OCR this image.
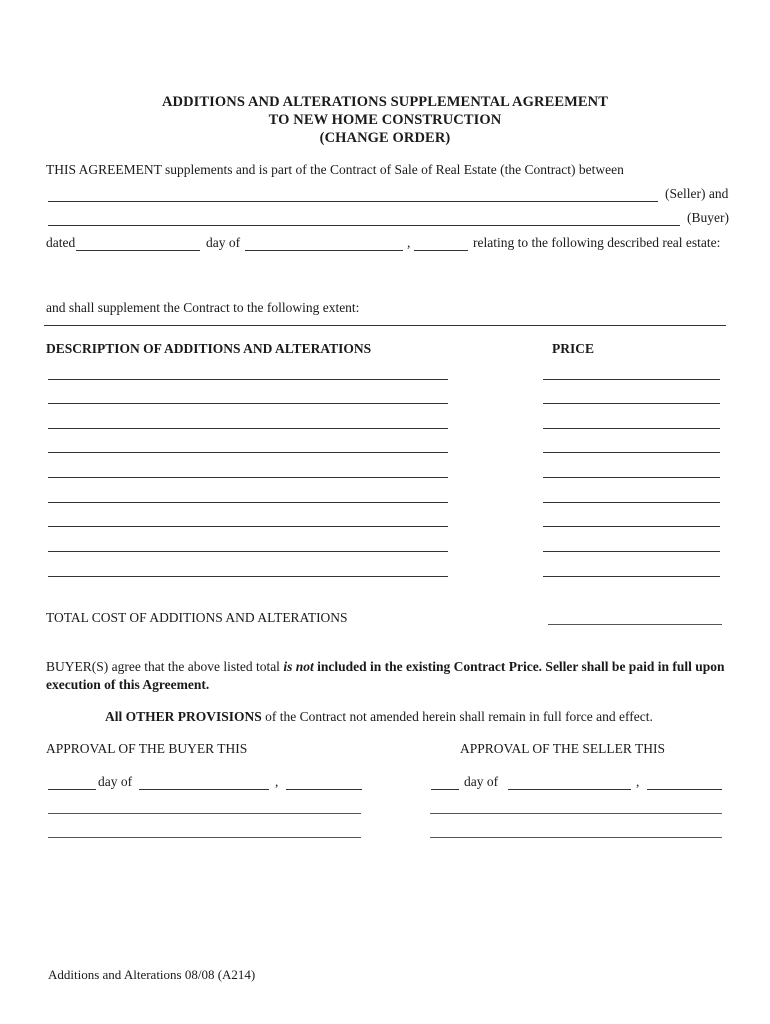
ADDITIONS AND ALTERATIONS SUPPLEMENTAL AGREEMENT
TO NEW HOME CONSTRUCTION
(CHANGE ORDER)
THIS AGREEMENT supplements and is part of the Contract of Sale of Real Estate (the Contract) between
(Seller) and
(Buyer)
dated	day of	,	relating to the following described real estate:
and shall supplement the Contract to the following extent:
DESCRIPTION OF ADDITIONS AND ALTERATIONS	PRICE
TOTAL COST OF ADDITIONS AND ALTERATIONS
BUYER(S) agree that the above listed total is not included in the existing Contract Price. Seller shall be paid in full upon
execution of this Agreement.
All OTHER PROVISIONS of the Contract not amended herein shall remain in full force and effect.
APPROVAL OF THE BUYER THIS	APPROVAL OF THE SELLER THIS
day of	,	day of	,
Additions and Alterations 08/08 (A214)
